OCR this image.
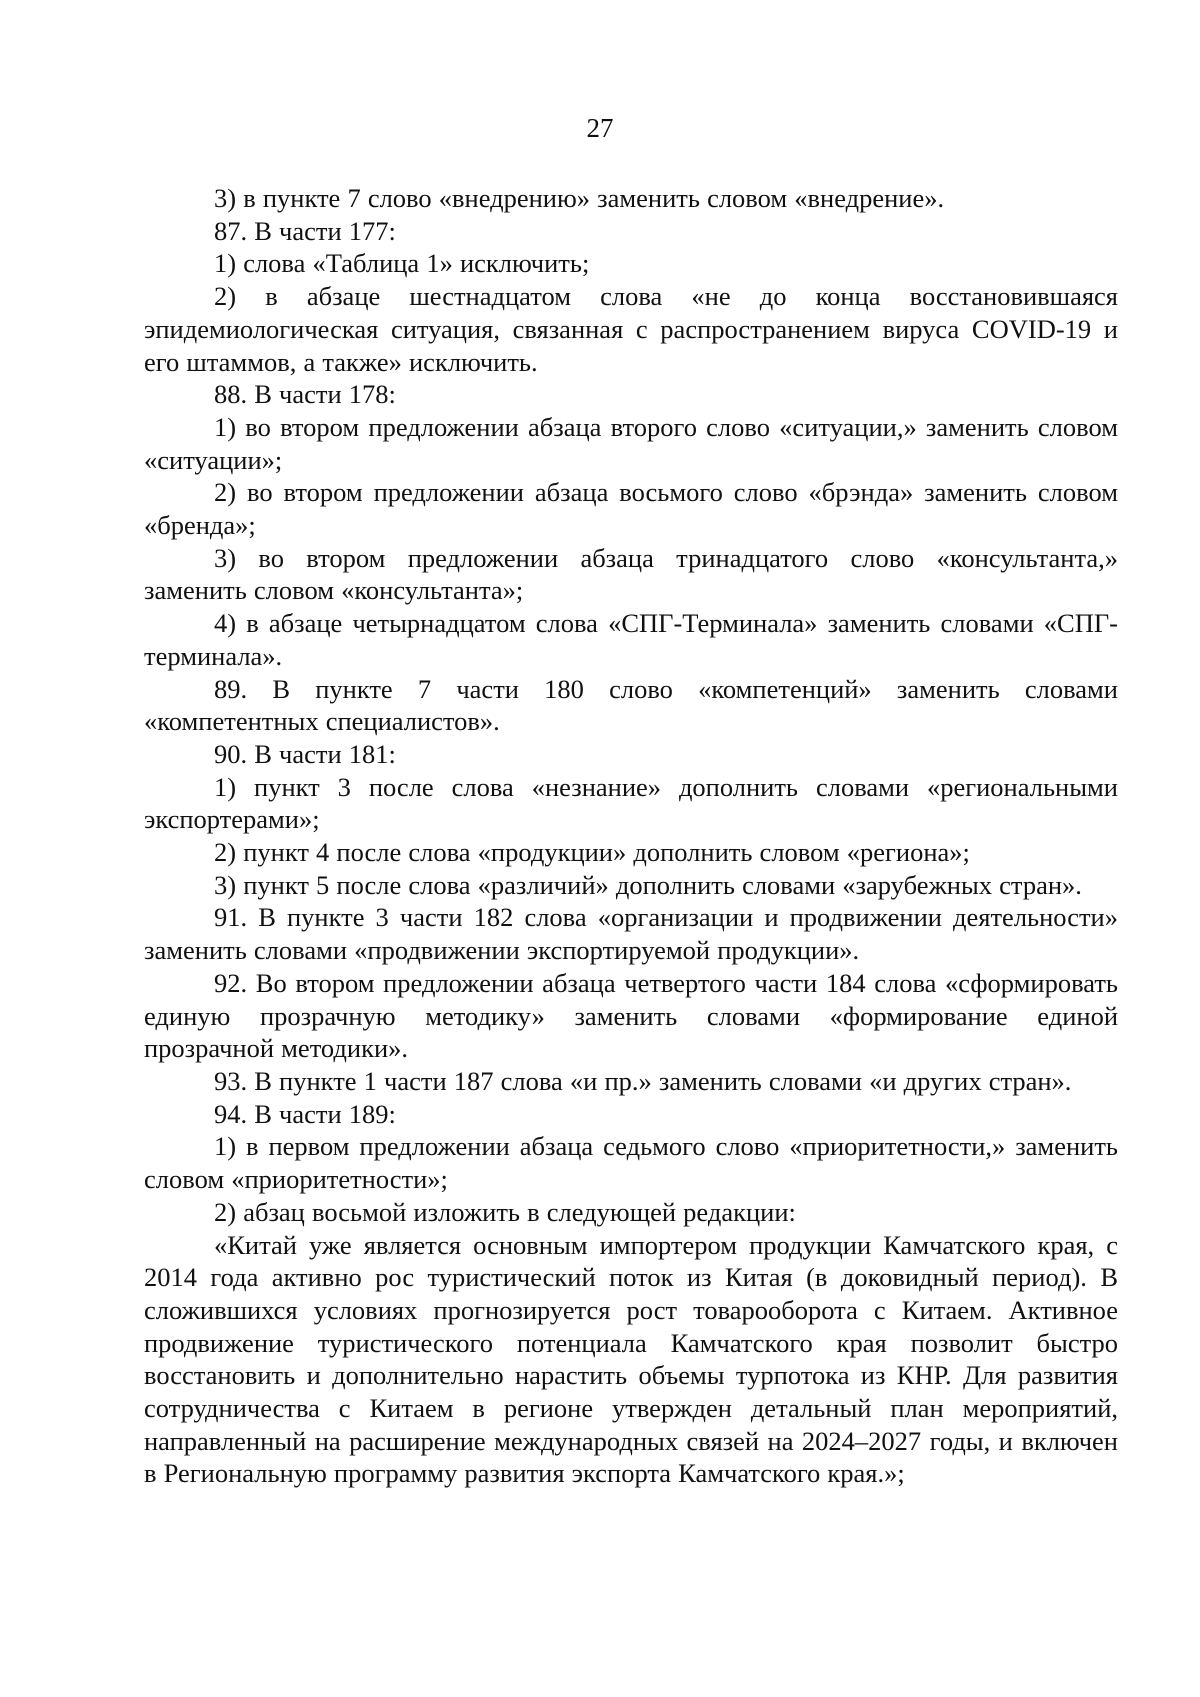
27

3) в пункте 7 слово «внедрению» заменить словом «внедрение».

87. В части 177:

1) слова «Таблица 1» исключить;

2) в абзаце шестнадцатом слова «не до конца восстановившаяся эпидемиологическая ситуация, связанная с распространением вируса COVID-19 и его штаммов, а также» исключить.

88. В части 178:

1) во втором предложении абзаца второго слово «ситуации,» заменить словом «ситуации»;

2) во втором предложении абзаца восьмого слово «брэнда» заменить словом «бренда»;

3) во втором предложении абзаца тринадцатого слово «консультанта,» заменить словом «консультанта»;

4) в абзаце четырнадцатом слова «СПГ-Терминала» заменить словами «СПГ-терминала».

89. В пункте 7 части 180 слово «компетенций» заменить словами «компетентных специалистов».

90. В части 181:

1) пункт 3 после слова «незнание» дополнить словами «региональными экспортерами»;

2) пункт 4 после слова «продукции» дополнить словом «региона»;

3) пункт 5 после слова «различий» дополнить словами «зарубежных стран».

91. В пункте 3 части 182 слова «организации и продвижении деятельности» заменить словами «продвижении экспортируемой продукции».

92. Во втором предложении абзаца четвертого части 184 слова «сформировать единую прозрачную методику» заменить словами «формирование единой прозрачной методики».

93. В пункте 1 части 187 слова «и пр.» заменить словами «и других стран».

94. В части 189:

1) в первом предложении абзаца седьмого слово «приоритетности,» заменить словом «приоритетности»;

2) абзац восьмой изложить в следующей редакции:

«Китай уже является основным импортером продукции Камчатского края, с 2014 года активно рос туристический поток из Китая (в доковидный период). В сложившихся условиях прогнозируется рост товарооборота с Китаем. Активное продвижение туристического потенциала Камчатского края позволит быстро восстановить и дополнительно нарастить объемы турпотока из КНР. Для развития сотрудничества с Китаем в регионе утвержден детальный план мероприятий, направленный на расширение международных связей на 2024–2027 годы, и включен в Региональную программу развития экспорта Камчатского края.»;
